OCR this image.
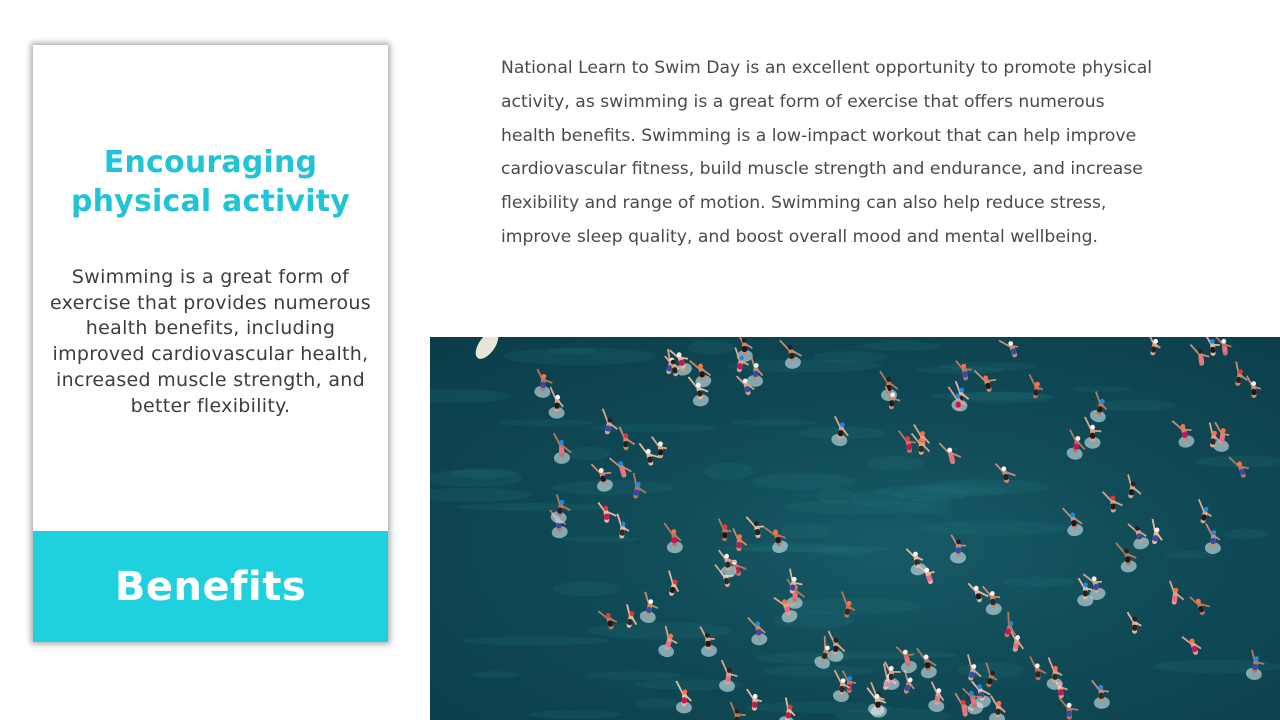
Encouraging physical activity

Swimming is a great form of exercise that provides numerous health benefits, including improved cardiovascular health, increased muscle strength, and better flexibility.

Benefits

National Learn to Swim Day is an excellent opportunity to promote physical activity, as swimming is a great form of exercise that offers numerous health benefits. Swimming is a low-impact workout that can help improve cardiovascular fitness, build muscle strength and endurance, and increase flexibility and range of motion. Swimming can also help reduce stress, improve sleep quality, and boost overall mood and mental wellbeing.
